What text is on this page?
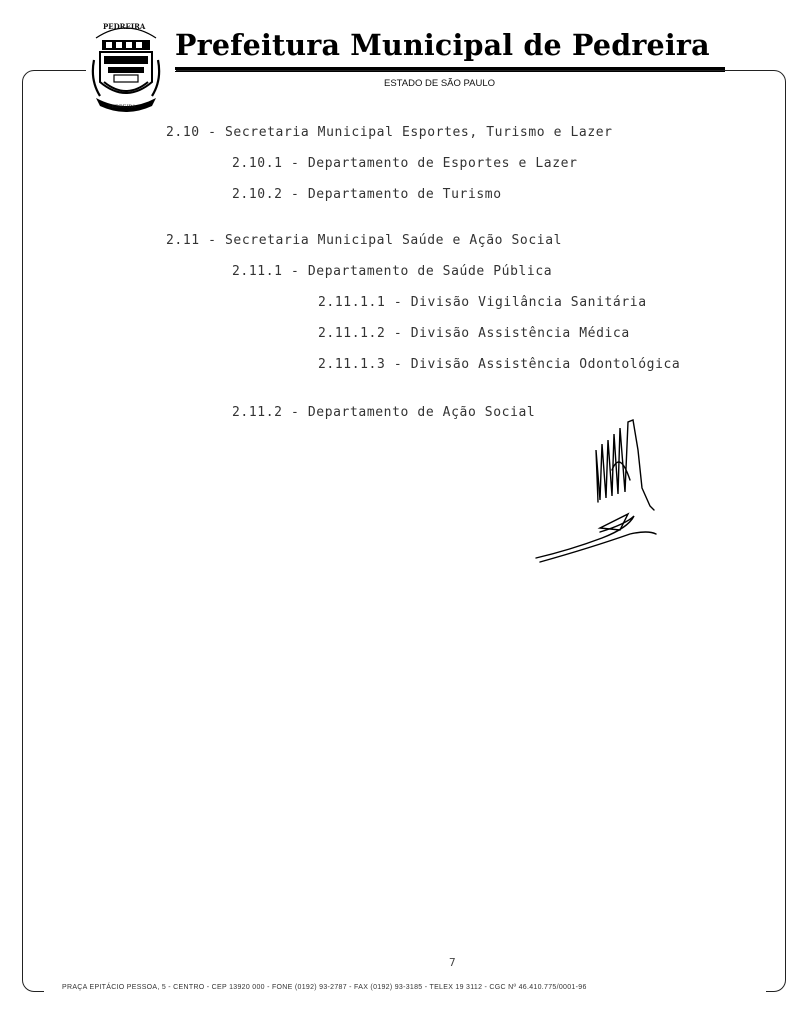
PEDREIRA
PEDREIRA
Prefeitura Municipal de Pedreira
ESTADO DE SÃO PAULO
2.10 - Secretaria Municipal Esportes, Turismo e Lazer
2.10.1 - Departamento de Esportes e Lazer
2.10.2 - Departamento de Turismo
2.11 - Secretaria Municipal Saúde e Ação Social
2.11.1 - Departamento de Saúde Pública
2.11.1.1 - Divisão Vigilância Sanitária
2.11.1.2 - Divisão Assistência Médica
2.11.1.3 - Divisão Assistência Odontológica
2.11.2 - Departamento de Ação Social
7
PRAÇA EPITÁCIO PESSOA, 5 - CENTRO - CEP 13920 000 - FONE (0192) 93-2787 - FAX (0192) 93-3185 - TELEX 19 3112 - CGC Nº 46.410.775/0001-96
